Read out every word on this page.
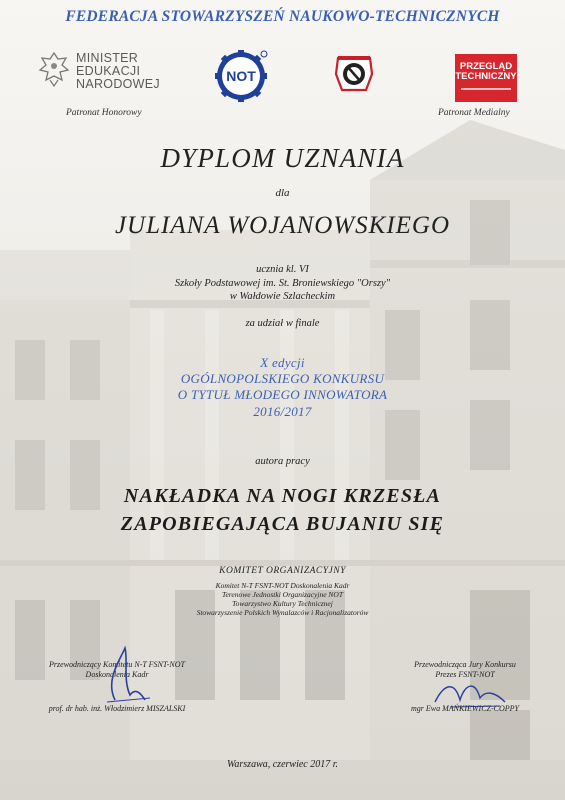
FEDERACJA STOWARZYSZEŃ NAUKOWO-TECHNICZNYCH
MINISTER
EDUKACJI
NARODOWEJ	NOT
PRZEGLĄD
TECHNICZNY
Patronat Honorowy	Patronat Medialny
DYPLOM UZNANIA
dla
JULIANA WOJANOWSKIEGO
ucznia kl. VI
Szkoły Podstawowej im. St. Broniewskiego "Orszy"
w Wałdowie Szlacheckim
za udział w finale
X edycji
OGÓLNOPOLSKIEGO KONKURSU
O TYTUŁ MŁODEGO INNOWATORA
2016/2017
autora pracy
NAKŁADKA NA NOGI KRZESŁA
ZAPOBIEGAJĄCA BUJANIU SIĘ
KOMITET ORGANIZACYJNY
Komitet N-T FSNT-NOT Doskonalenia Kadr
Terenowe Jednostki Organizacyjne NOT
Towarzystwo Kultury Technicznej
Stowarzyszenie Polskich Wynalazców i Racjonalizatorów
Przewodniczący Komitetu N-T FSNT-NOT
Doskonalenia Kadr
prof. dr hab. inż. Włodzimierz MISZALSKI
Przewodnicząca Jury Konkursu
Prezes FSNT-NOT
mgr Ewa MAŃKIEWICZ-COPPY
Warszawa, czerwiec 2017 r.
